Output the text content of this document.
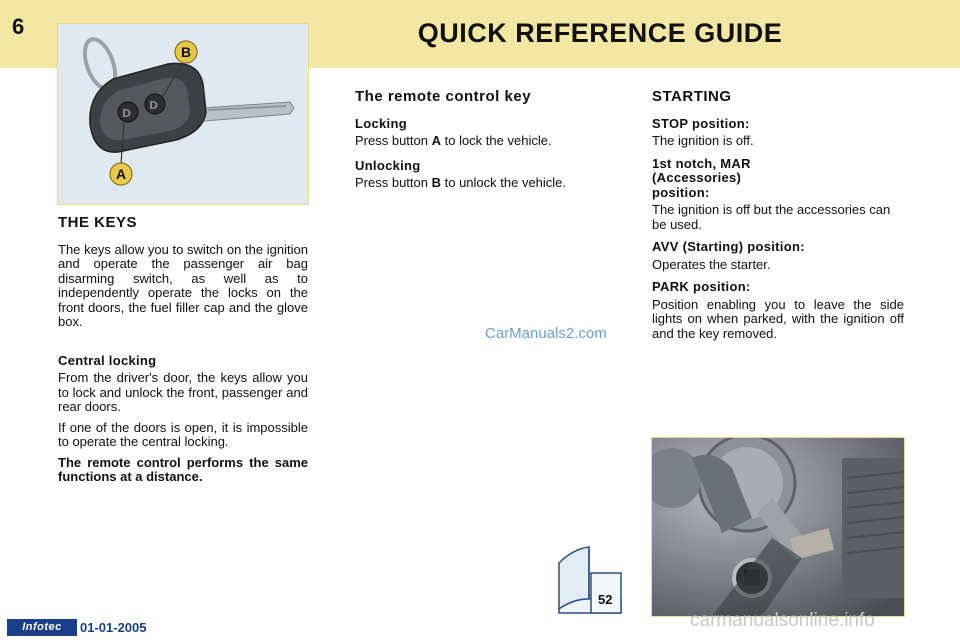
6	QUICK REFERENCE GUIDE
D
D
B
A
THE KEYS

The keys allow you to switch on the ignition and operate the passenger air bag disarming switch, as well as to independently operate the locks on the front doors, the fuel filler cap and the glove box.

Central locking

From the driver's door, the keys allow you to lock and unlock the front, passenger and rear doors.

If one of the doors is open, it is impossible to operate the central locking.

The remote control performs the same functions at a distance.

The remote control key
Locking

Press button A to lock the vehicle.

Unlocking

Press button B to unlock the vehicle.

STARTING
STOP position:

The ignition is off.

1st notch, MAR (Accessories) position:

The ignition is off but the accessories can be used.

AVV (Starting) position:

Operates the starter.

PARK position:

Position enabling you to leave the side lights on when parked, with the ignition off and the key removed.

CarManuals2.com
52
Infotec	01-01-2005	carmanualsonline.info
